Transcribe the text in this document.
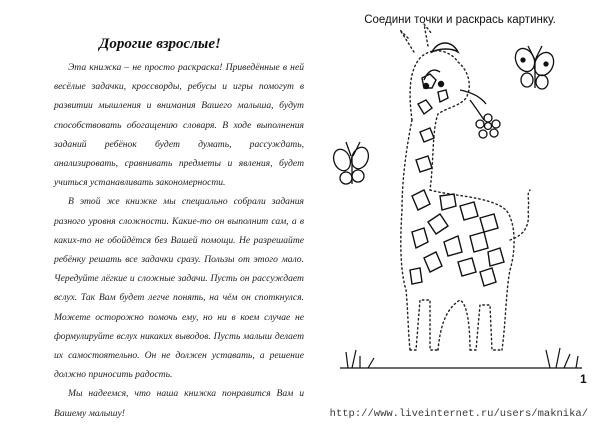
Дорогие взрослые!

Эта книжка – не просто раскраска! Приведённые в ней весёлые задачки, кроссворды, ребусы и игры помогут в развитии мышления и внимания Вашего малыша, будут способствовать обогащению словаря. В ходе выполнения заданий ребёнок будет думать, рассуждать, анализировать, сравнивать предметы и явления, будет учиться устанавливать закономерности.

В этой же книжке мы специально собрали задания разного уровня сложности. Какие-то он выполнит сам, а в каких-то не обойдётся без Вашей помощи. Не разрешайте ребёнку решать все задачки сразу. Пользы от этого мало. Чередуйте лёгкие и сложные задачи. Пусть он рассуждает вслух. Так Вам будет легче понять, на чём он споткнулся. Можете осторожно помочь ему, но ни в коем случае не формулируйте вслух никаких выводов. Пусть малыш делает их самостоятельно. Он не должен уставать, а решение должно приносить радость.

Мы надеемся, что наша книжка понравится Вам и Вашему малышу!

Соедини точки и раскрась картинку.
1
http://www.liveinternet.ru/users/maknika/
